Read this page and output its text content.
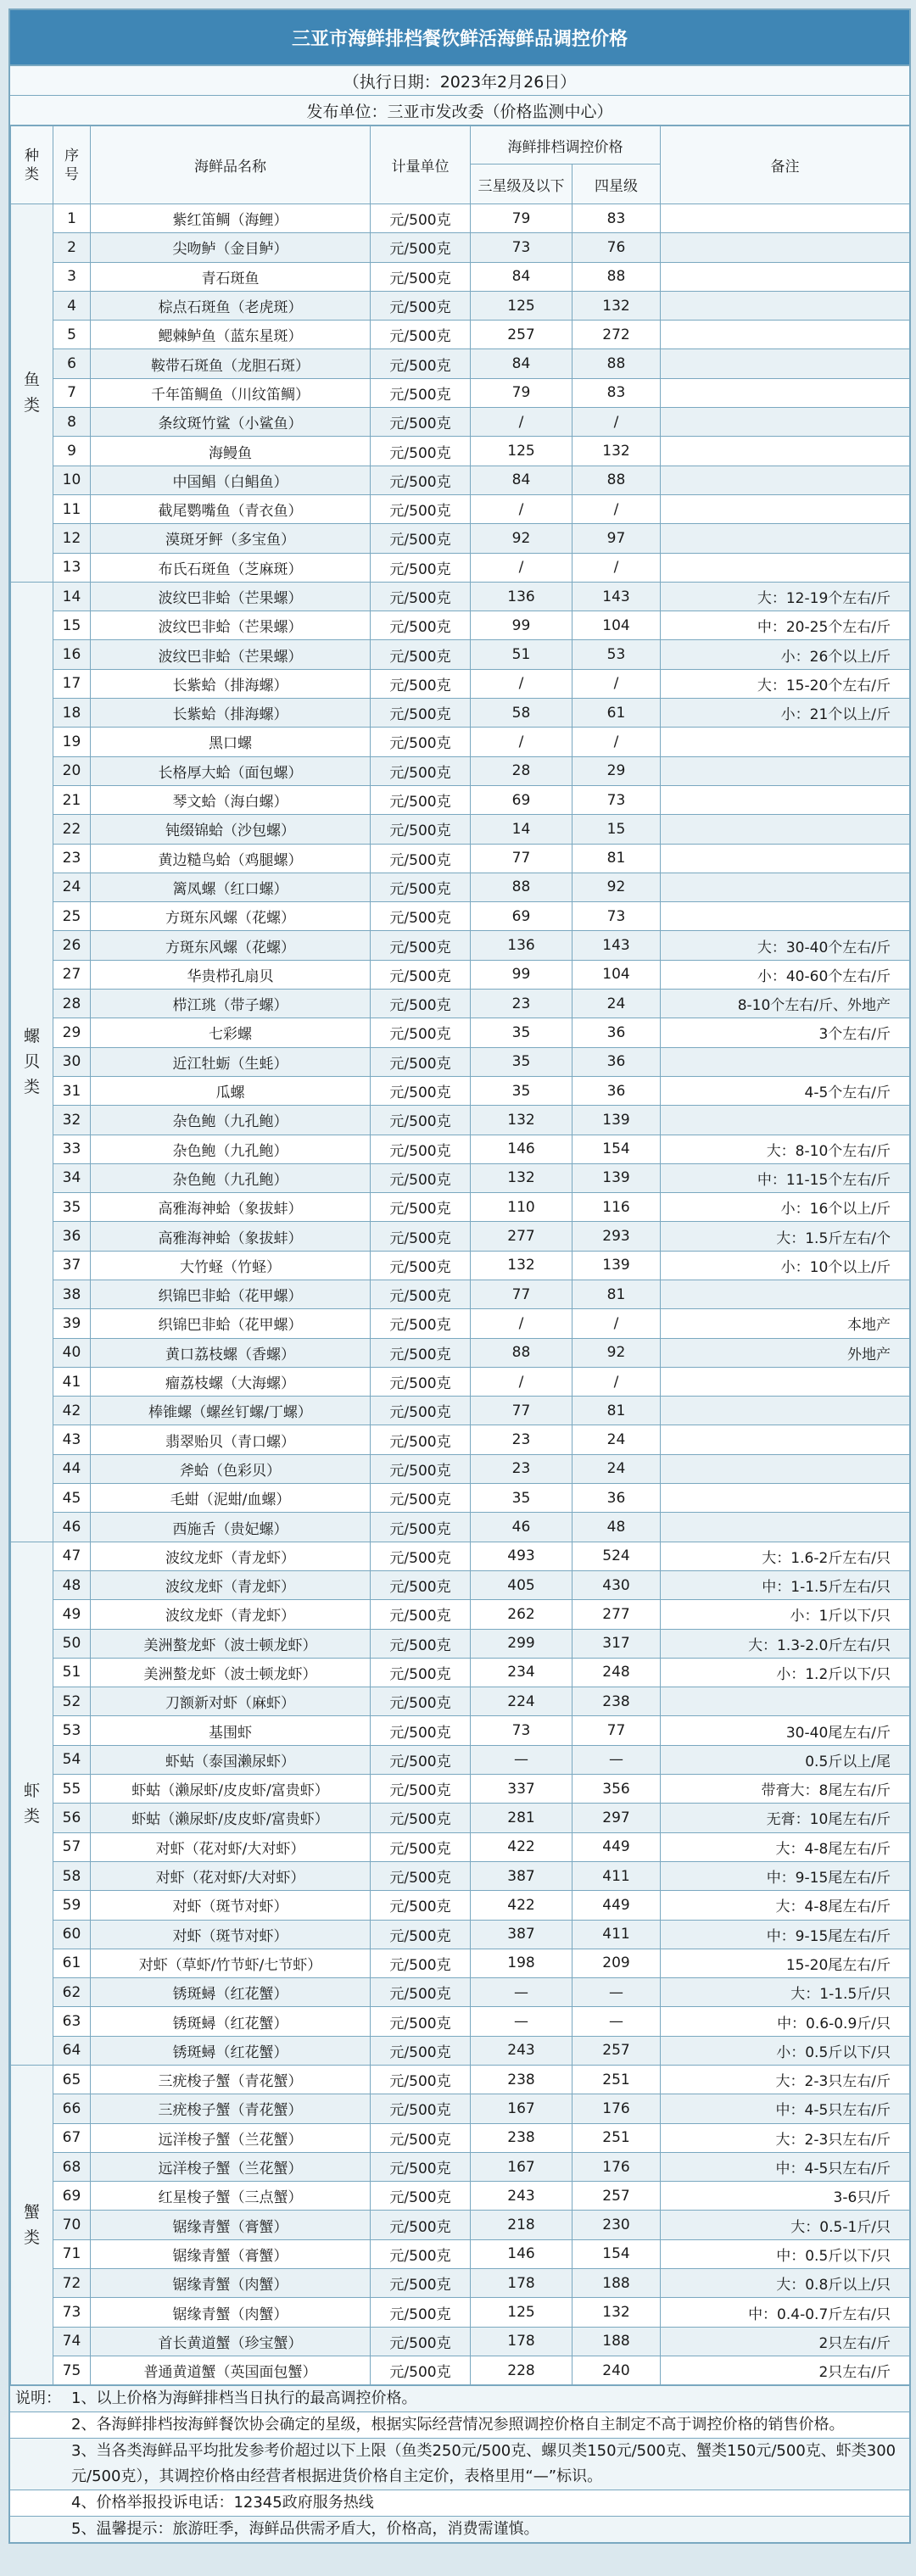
三亚市海鲜排档餐饮鲜活海鲜品调控价格
（执行日期：2023年2月26日）
发布单位：三亚市发改委（价格监测中心）
种类	序号	海鲜品名称	计量单位	海鲜排档调控价格		备注
				三星级及以下	四星级	
鱼类	1	紫红笛鲷（海鲤）	元/500克	79	83	
	2	尖吻鲈（金目鲈）	元/500克	73	76	
	3	青石斑鱼	元/500克	84	88	
	4	棕点石斑鱼（老虎斑）	元/500克	125	132	
	5	鳃棘鲈鱼（蓝东星斑）	元/500克	257	272	
	6	鞍带石斑鱼（龙胆石斑）	元/500克	84	88	
	7	千年笛鲷鱼（川纹笛鲷）	元/500克	79	83	
	8	条纹斑竹鲨（小鲨鱼）	元/500克	/	/	
	9	海鳗鱼	元/500克	125	132	
	10	中国鲳（白鲳鱼）	元/500克	84	88	
	11	截尾鹦嘴鱼（青衣鱼）	元/500克	/	/	
	12	漠斑牙鲆（多宝鱼）	元/500克	92	97	
	13	布氏石斑鱼（芝麻斑）	元/500克	/	/	
螺贝类	14	波纹巴非蛤（芒果螺）	元/500克	136	143	大：12-19个左右/斤
	15	波纹巴非蛤（芒果螺）	元/500克	99	104	中：20-25个左右/斤
	16	波纹巴非蛤（芒果螺）	元/500克	51	53	小：26个以上/斤
	17	长紫蛤（排海螺）	元/500克	/	/	大：15-20个左右/斤
	18	长紫蛤（排海螺）	元/500克	58	61	小：21个以上/斤
	19	黑口螺	元/500克	/	/	
	20	长格厚大蛤（面包螺）	元/500克	28	29	
	21	琴文蛤（海白螺）	元/500克	69	73	
	22	钝缀锦蛤（沙包螺）	元/500克	14	15	
	23	黄边糙鸟蛤（鸡腿螺）	元/500克	77	81	
	24	篱凤螺（红口螺）	元/500克	88	92	
	25	方斑东风螺（花螺）	元/500克	69	73	
	26	方斑东风螺（花螺）	元/500克	136	143	大：30-40个左右/斤
	27	华贵栉孔扇贝	元/500克	99	104	小：40-60个左右/斤
	28	栉江珧（带子螺）	元/500克	23	24	8-10个左右/斤、外地产
	29	七彩螺	元/500克	35	36	3个左右/斤
	30	近江牡蛎（生蚝）	元/500克	35	36	
	31	瓜螺	元/500克	35	36	4-5个左右/斤
	32	杂色鲍（九孔鲍）	元/500克	132	139	
	33	杂色鲍（九孔鲍）	元/500克	146	154	大：8-10个左右/斤
	34	杂色鲍（九孔鲍）	元/500克	132	139	中：11-15个左右/斤
	35	高雅海神蛤（象拔蚌）	元/500克	110	116	小：16个以上/斤
	36	高雅海神蛤（象拔蚌）	元/500克	277	293	大：1.5斤左右/个
	37	大竹蛏（竹蛏）	元/500克	132	139	小：10个以上/斤
	38	织锦巴非蛤（花甲螺）	元/500克	77	81	
	39	织锦巴非蛤（花甲螺）	元/500克	/	/	本地产
	40	黄口荔枝螺（香螺）	元/500克	88	92	外地产
	41	瘤荔枝螺（大海螺）	元/500克	/	/	
	42	棒锥螺（螺丝钉螺/丁螺）	元/500克	77	81	
	43	翡翠贻贝（青口螺）	元/500克	23	24	
	44	斧蛤（色彩贝）	元/500克	23	24	
	45	毛蚶（泥蚶/血螺）	元/500克	35	36	
	46	西施舌（贵妃螺）	元/500克	46	48	
虾类	47	波纹龙虾（青龙虾）	元/500克	493	524	大：1.6-2斤左右/只
	48	波纹龙虾（青龙虾）	元/500克	405	430	中：1-1.5斤左右/只
	49	波纹龙虾（青龙虾）	元/500克	262	277	小：1斤以下/只
	50	美洲螯龙虾（波士顿龙虾）	元/500克	299	317	大：1.3-2.0斤左右/只
	51	美洲螯龙虾（波士顿龙虾）	元/500克	234	248	小：1.2斤以下/只
	52	刀额新对虾（麻虾）	元/500克	224	238	
	53	基围虾	元/500克	73	77	30-40尾左右/斤
	54	虾蛄（泰国濑尿虾）	元/500克	—	—	0.5斤以上/尾
	55	虾蛄（濑尿虾/皮皮虾/富贵虾）	元/500克	337	356	带膏大：8尾左右/斤
	56	虾蛄（濑尿虾/皮皮虾/富贵虾）	元/500克	281	297	无膏：10尾左右/斤
	57	对虾（花对虾/大对虾）	元/500克	422	449	大：4-8尾左右/斤
	58	对虾（花对虾/大对虾）	元/500克	387	411	中：9-15尾左右/斤
	59	对虾（斑节对虾）	元/500克	422	449	大：4-8尾左右/斤
	60	对虾（斑节对虾）	元/500克	387	411	中：9-15尾左右/斤
	61	对虾（草虾/竹节虾/七节虾）	元/500克	198	209	15-20尾左右/斤
	62	锈斑蟳（红花蟹）	元/500克	—	—	大：1-1.5斤/只
	63	锈斑蟳（红花蟹）	元/500克	—	—	中：0.6-0.9斤/只
	64	锈斑蟳（红花蟹）	元/500克	243	257	小：0.5斤以下/只
蟹类	65	三疣梭子蟹（青花蟹）	元/500克	238	251	大：2-3只左右/斤
	66	三疣梭子蟹（青花蟹）	元/500克	167	176	中：4-5只左右/斤
	67	远洋梭子蟹（兰花蟹）	元/500克	238	251	大：2-3只左右/斤
	68	远洋梭子蟹（兰花蟹）	元/500克	167	176	中：4-5只左右/斤
	69	红星梭子蟹（三点蟹）	元/500克	243	257	3-6只/斤
	70	锯缘青蟹（膏蟹）	元/500克	218	230	大：0.5-1斤/只
	71	锯缘青蟹（膏蟹）	元/500克	146	154	中：0.5斤以下/只
	72	锯缘青蟹（肉蟹）	元/500克	178	188	大：0.8斤以上/只
	73	锯缘青蟹（肉蟹）	元/500克	125	132	中：0.4-0.7斤左右/只
	74	首长黄道蟹（珍宝蟹）	元/500克	178	188	2只左右/斤
	75	普通黄道蟹（英国面包蟹）	元/500克	228	240	2只左右/斤
说明： 1、以上价格为海鲜排档当日执行的最高调控价格。
2、各海鲜排档按海鲜餐饮协会确定的星级，根据实际经营情况参照调控价格自主制定不高于调控价格的销售价格。
3、当各类海鲜品平均批发参考价超过以下上限（鱼类250元/500克、螺贝类150元/500克、蟹类150元/500克、虾类300元/500克），其调控价格由经营者根据进货价格自主定价，表格里用“—”标识。
4、价格举报投诉电话：12345政府服务热线
5、温馨提示：旅游旺季，海鲜品供需矛盾大，价格高，消费需谨慎。
